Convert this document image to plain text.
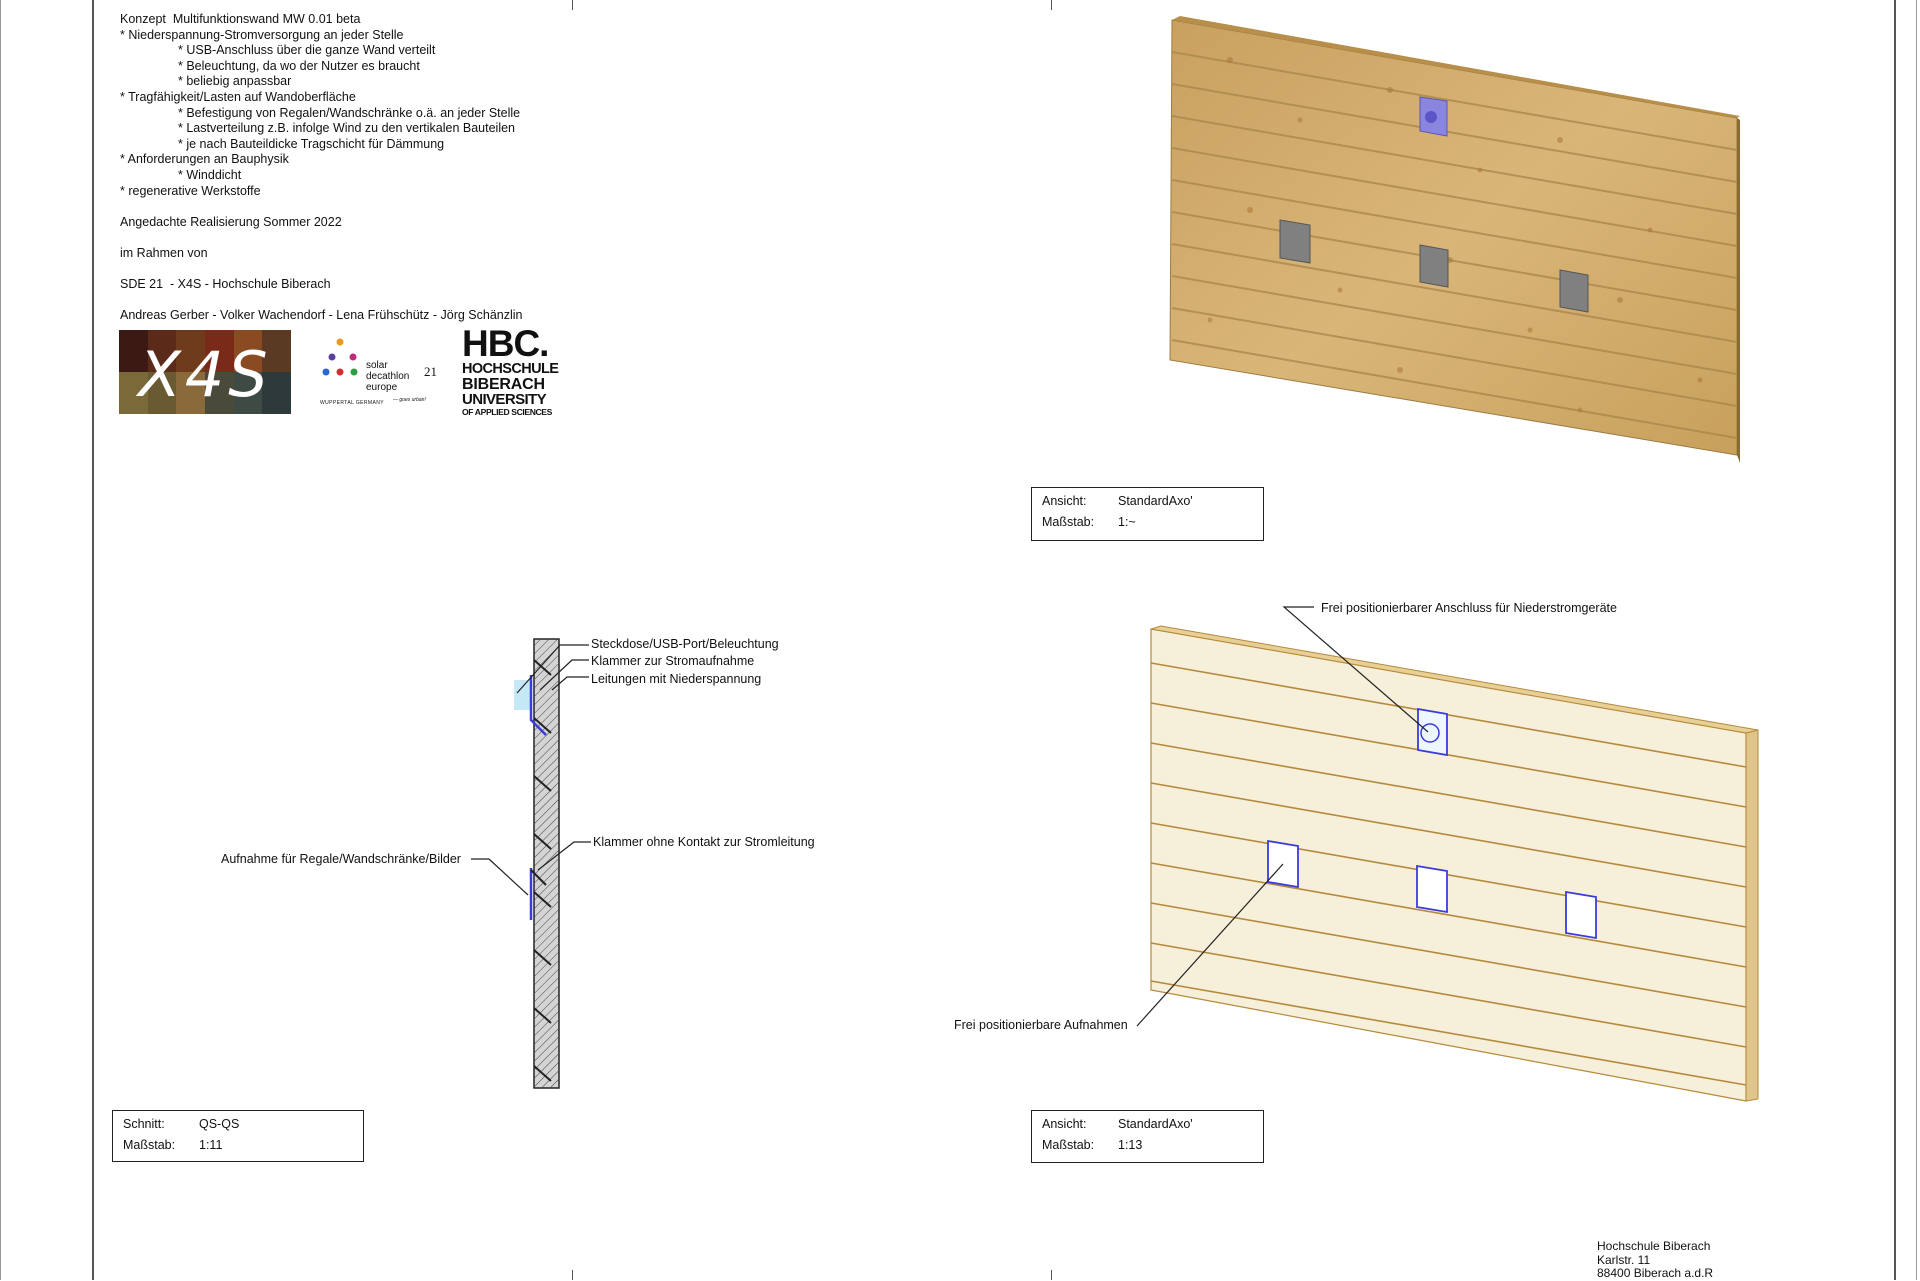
Konzept  Multifunktionswand MW 0.01 beta
* Niederspannung-Stromversorgung an jeder Stelle
* USB-Anschluss über die ganze Wand verteilt
* Beleuchtung, da wo der Nutzer es braucht
* beliebig anpassbar
* Tragfähigkeit/Lasten auf Wandoberfläche
* Befestigung von Regalen/Wandschränke o.ä. an jeder Stelle
* Lastverteilung z.B. infolge Wind zu den vertikalen Bauteilen
* je nach Bauteildicke Tragschicht für Dämmung
* Anforderungen an Bauphysik
* Winddicht
* regenerative Werkstoffe
Angedachte Realisierung Sommer 2022
im Rahmen von
SDE 21  - X4S - Hochschule Biberach
Andreas Gerber - Volker Wachendorf - Lena Frühschütz - Jörg Schänzlin
X4S	solar
decathlon
europe
21
WUPPERTAL GERMANY — goes urban!
HBC.
HOCHSCHULE
BIBERACH
UNIVERSITY
OF APPLIED SCIENCES
Ansicht:	StandardAxo'
Maßstab:	1:~
Steckdose/USB-Port/Beleuchtung
Klammer zur Stromaufnahme
Leitungen mit Niederspannung
Klammer ohne Kontakt zur Stromleitung
Aufnahme für Regale/Wandschränke/Bilder
Schnitt:	QS-QS
Maßstab:	1:11
Frei positionierbarer Anschluss für Niederstromgeräte
Frei positionierbare Aufnahmen
Ansicht:	StandardAxo'
Maßstab:	1:13
Hochschule Biberach
Karlstr. 11
88400 Biberach a.d.R
